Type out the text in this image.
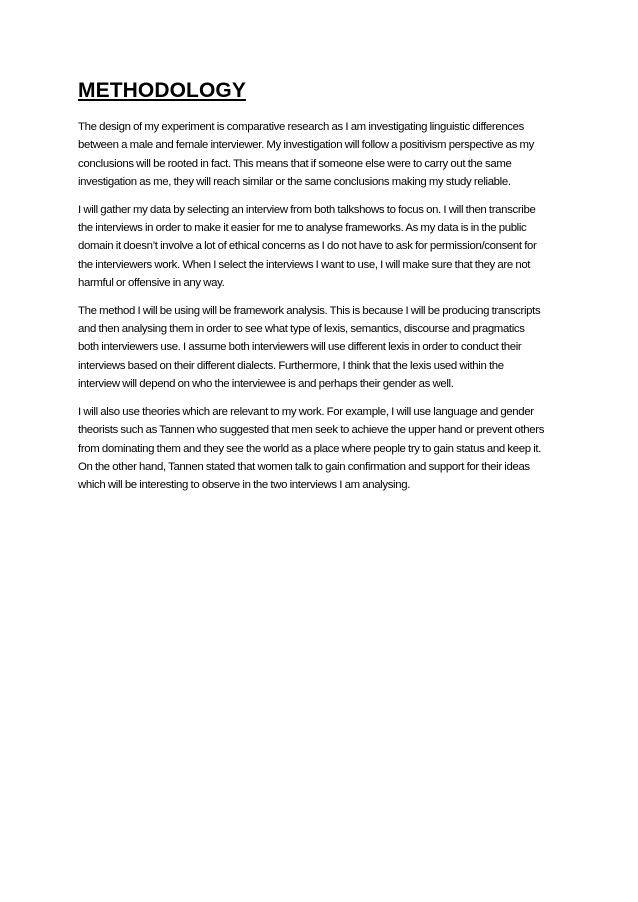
METHODOLOGY

The design of my experiment is comparative research as I am investigating linguistic differences
between a male and female interviewer. My investigation will follow a positivism perspective as my
conclusions will be rooted in fact. This means that if someone else were to carry out the same
investigation as me, they will reach similar or the same conclusions making my study reliable.

I will gather my data by selecting an interview from both talkshows to focus on. I will then transcribe
the interviews in order to make it easier for me to analyse frameworks. As my data is in the public
domain it doesn’t involve a lot of ethical concerns as I do not have to ask for permission/consent for
the interviewers work. When I select the interviews I want to use, I will make sure that they are not
harmful or offensive in any way.

The method I will be using will be framework analysis. This is because I will be producing transcripts
and then analysing them in order to see what type of lexis, semantics, discourse and pragmatics
both interviewers use. I assume both interviewers will use different lexis in order to conduct their
interviews based on their different dialects. Furthermore, I think that the lexis used within the
interview will depend on who the interviewee is and perhaps their gender as well.

I will also use theories which are relevant to my work. For example, I will use language and gender
theorists such as Tannen who suggested that men seek to achieve the upper hand or prevent others
from dominating them and they see the world as a place where people try to gain status and keep it.
On the other hand, Tannen stated that women talk to gain confirmation and support for their ideas
which will be interesting to observe in the two interviews I am analysing.
